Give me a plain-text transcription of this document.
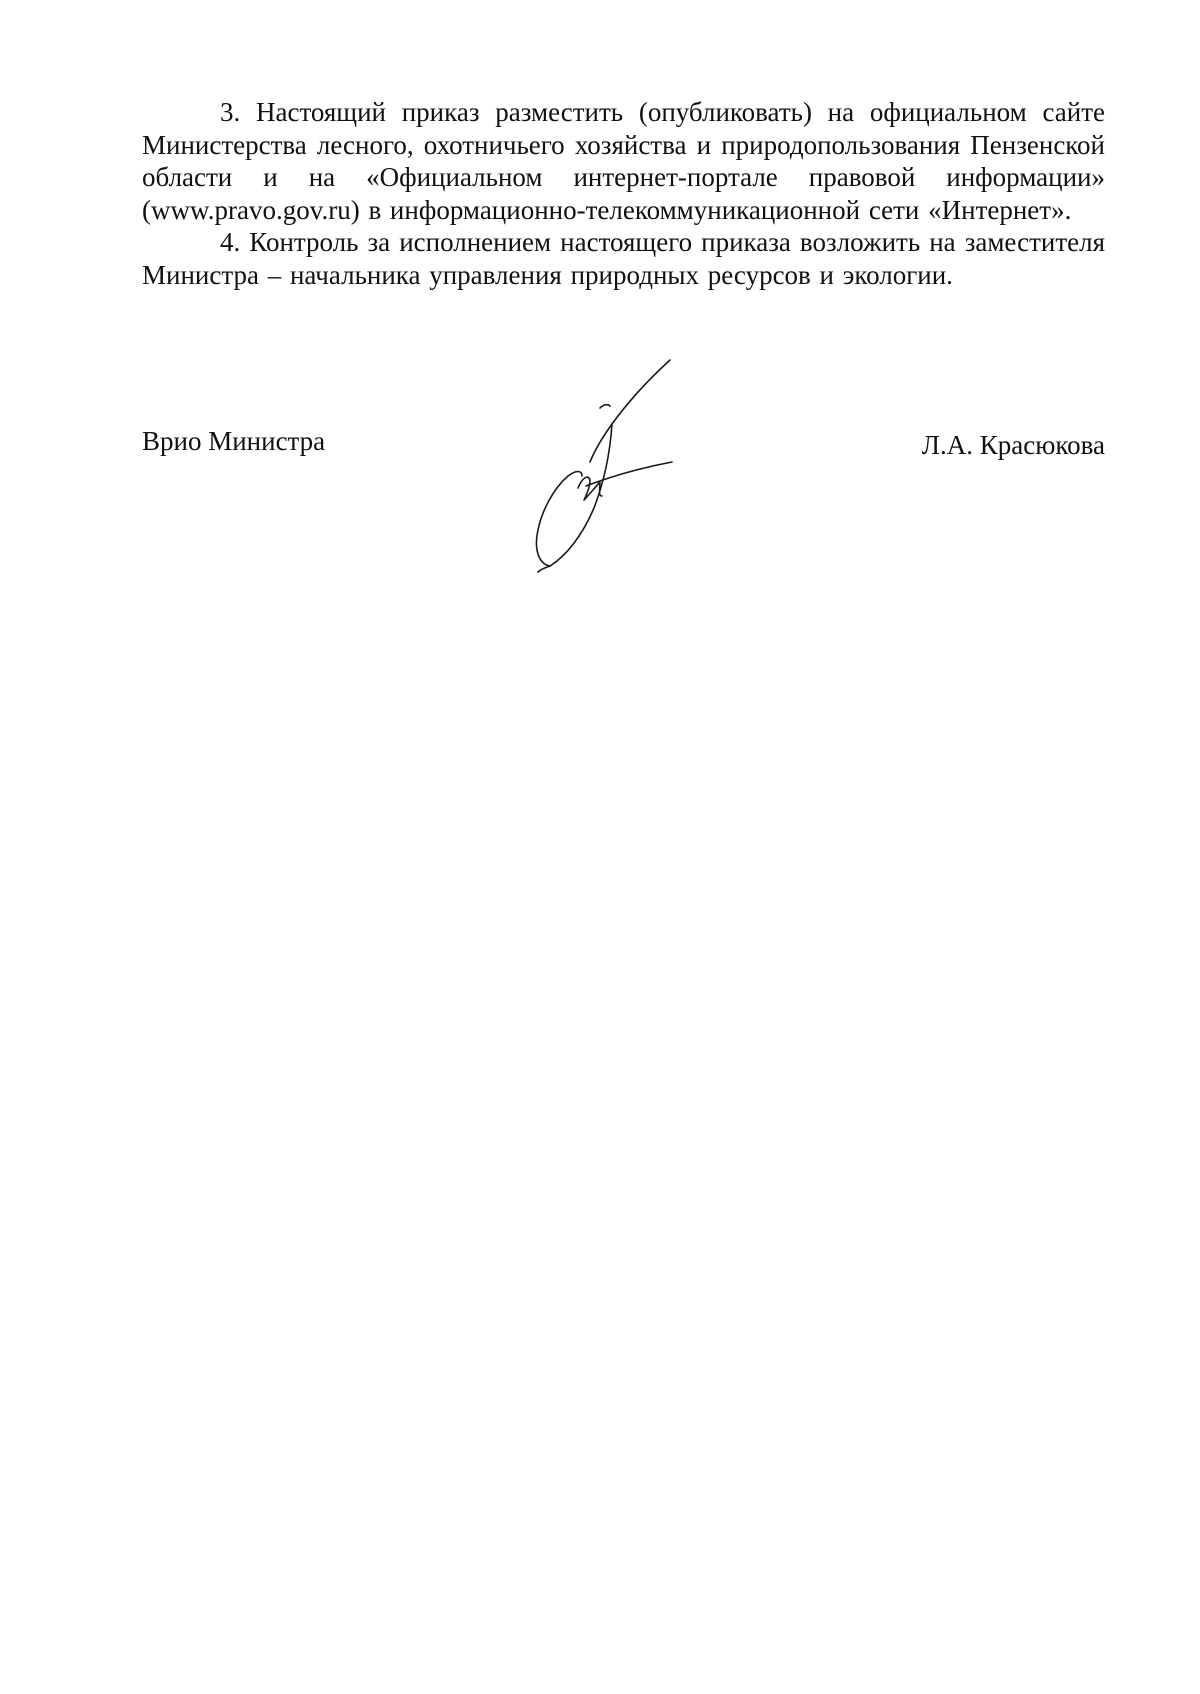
3. Настоящий приказ разместить (опубликовать) на официальном сайте Министерства лесного, охотничьего хозяйства и природопользования Пензенской области и на «Официальном интернет-портале правовой информации» (www.pravo.gov.ru) в информационно-телекоммуникационной сети «Интернет».

4. Контроль за исполнением настоящего приказа возложить на заместителя Министра – начальника управления природных ресурсов и экологии.

Врио Министра	Л.А. Красюкова
